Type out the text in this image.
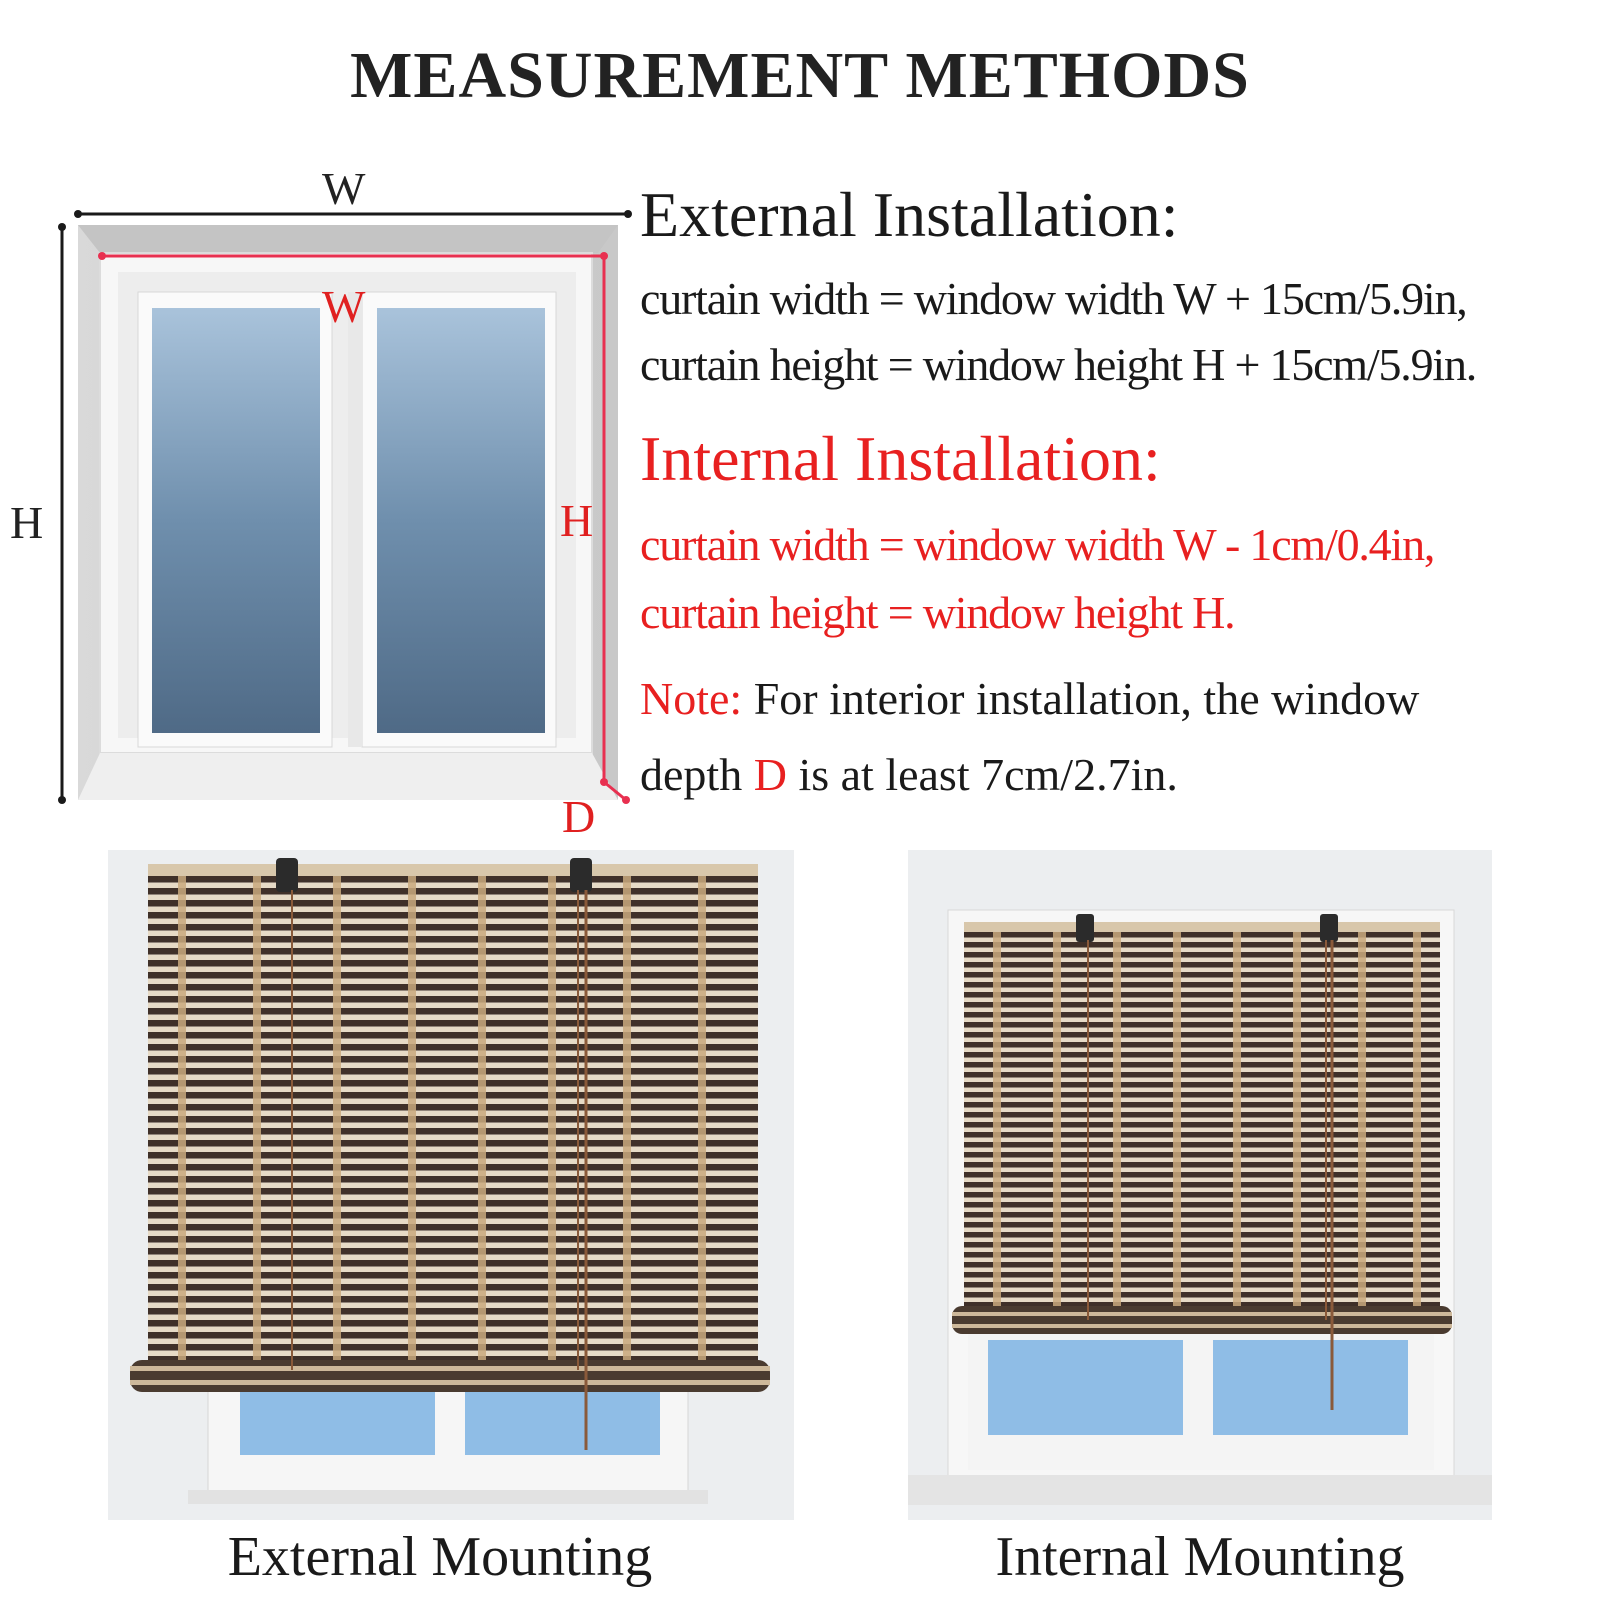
MEASUREMENT METHODS
W
H
W
H
D
External Installation:
curtain width = window width W + 15cm/5.9in,
curtain height = window height H + 15cm/5.9in.
Internal Installation:
curtain width = window width W - 1cm/0.4in,
curtain height = window height H.
Note: For interior installation, the window
depth D is at least 7cm/2.7in.
External Mounting	Internal Mounting
